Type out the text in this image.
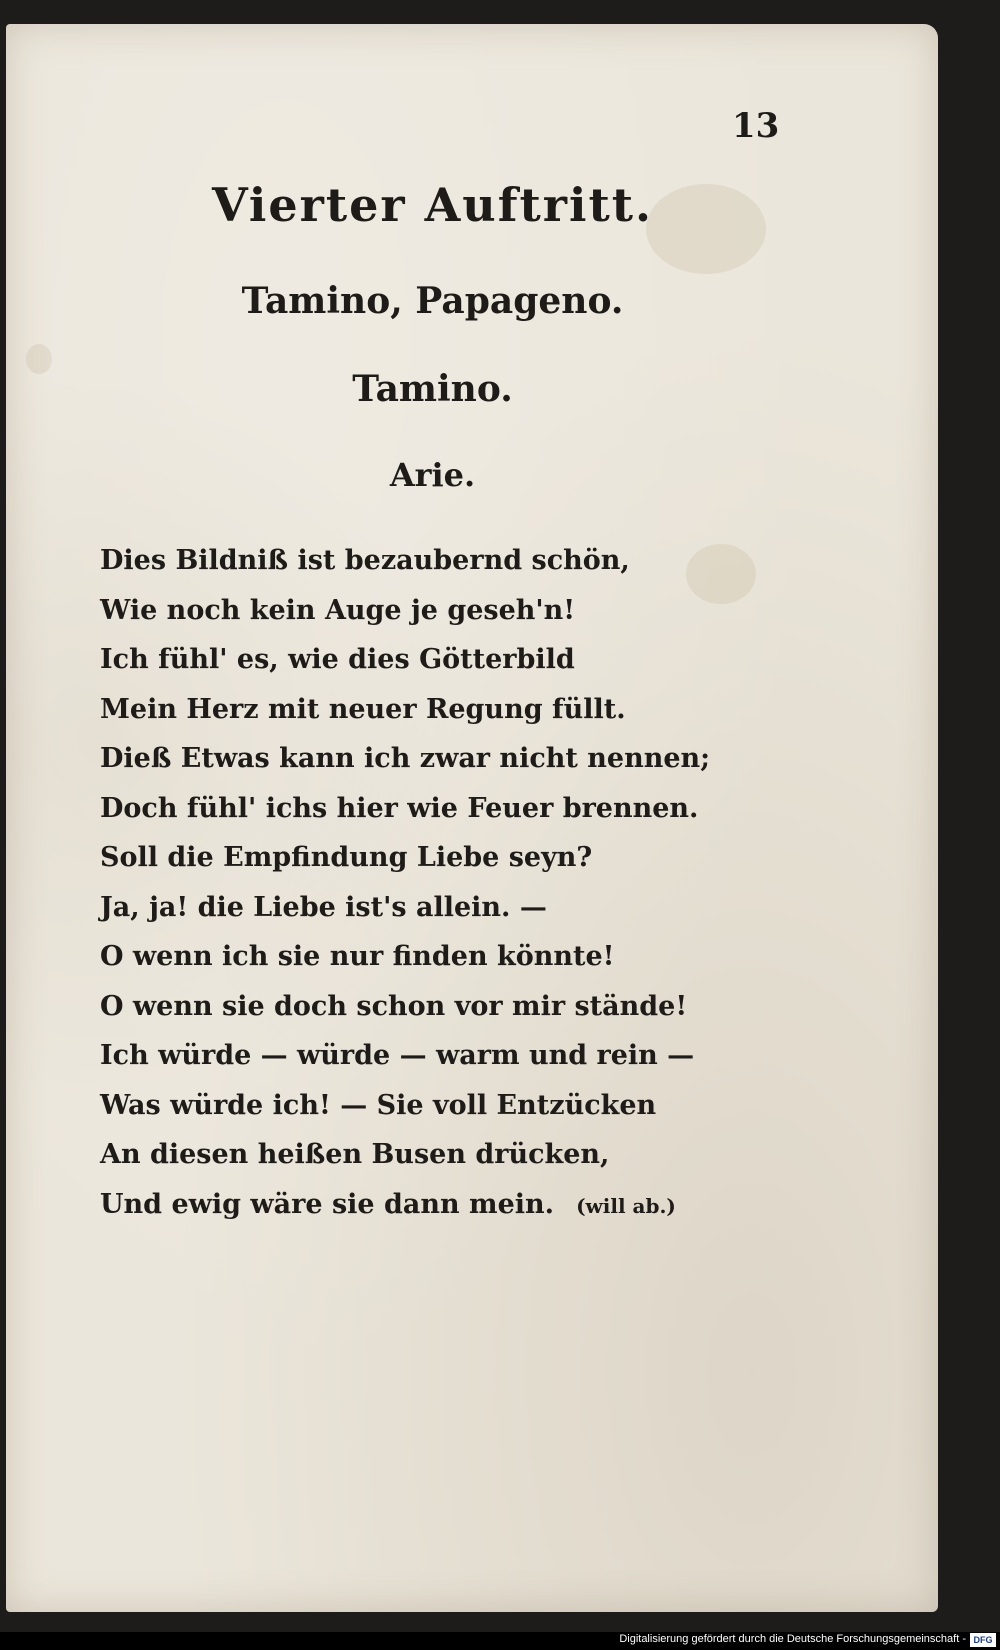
13
Vierter Auftritt.
Tamino, Papageno.
Tamino.
Arie.
Dies Bildniß ist bezaubernd schön,
Wie noch kein Auge je geseh'n!
Ich fühl' es, wie dies Götterbild
Mein Herz mit neuer Regung füllt.
Dieß Etwas kann ich zwar nicht nennen;
Doch fühl' ichs hier wie Feuer brennen.
Soll die Empfindung Liebe seyn?
Ja, ja! die Liebe ist's allein. —
O wenn ich sie nur finden könnte!
O wenn sie doch schon vor mir stände!
Ich würde — würde — warm und rein —
Was würde ich! — Sie voll Entzücken
An diesen heißen Busen drücken,
Und ewig wäre sie dann mein. (will ab.)
Digitalisierung gefördert durch die Deutsche Forschungsgemeinschaft - DFG
